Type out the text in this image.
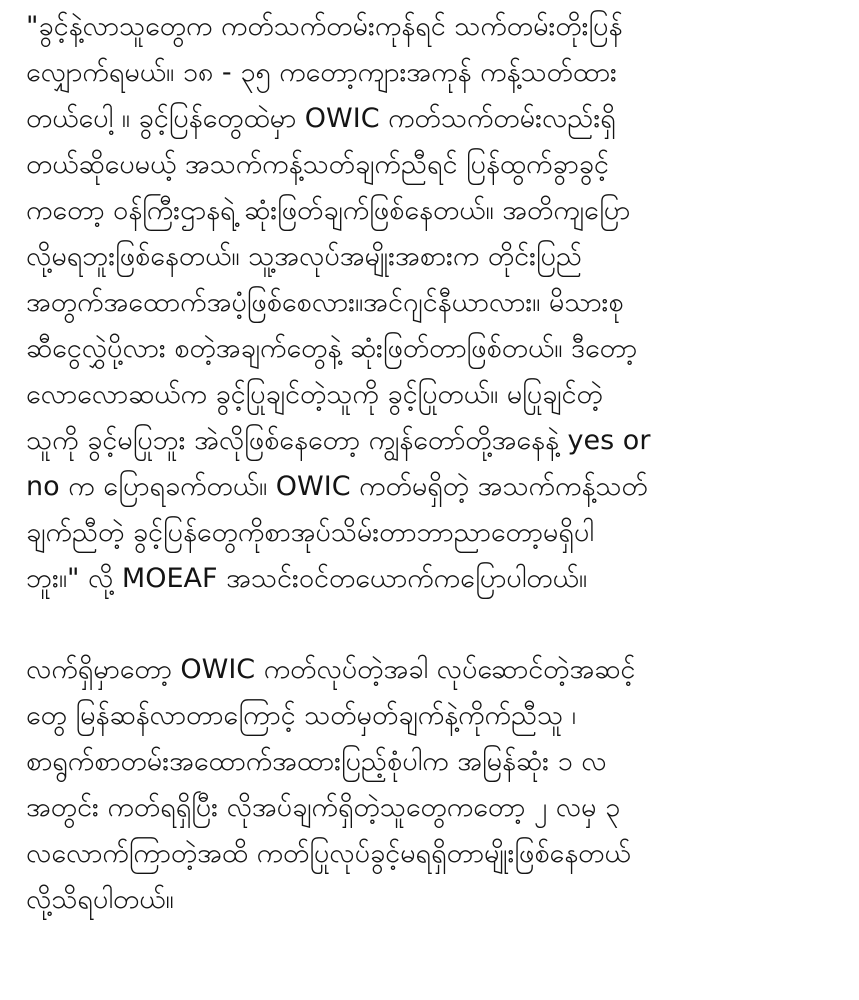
"ခွင့်နဲ့လာသူတွေက ကတ်သက်တမ်းကုန်ရင် သက်တမ်းတိုးပြန်
လျှောက်ရမယ်။ ၁၈ - ၃၅ ကတော့ကျားအကုန် ကန့်သတ်ထား
တယ်ပေါ့ ။ ခွင့်ပြန်တွေထဲမှာ OWIC ကတ်သက်တမ်းလည်းရှိ
တယ်ဆိုပေမယ့် အသက်ကန့်သတ်ချက်ညီရင် ပြန်ထွက်ခွာခွင့်
ကတော့ ဝန်ကြီးဌာနရဲ့ ဆုံးဖြတ်ချက်ဖြစ်နေတယ်။ အတိကျပြော
လို့မရဘူးဖြစ်နေတယ်။ သူ့အလုပ်အမျိုးအစားက တိုင်းပြည်
အတွက်အထောက်အပံ့ဖြစ်စေလား။အင်ဂျင်နီယာလား။ မိသားစု
ဆီငွေလွှဲပို့လား စတဲ့အချက်တွေနဲ့ ဆုံးဖြတ်တာဖြစ်တယ်။ ဒီတော့
လောလောဆယ်က ခွင့်ပြုချင်တဲ့သူကို ခွင့်ပြုတယ်။ မပြုချင်တဲ့
သူကို ခွင့်မပြုဘူး အဲလိုဖြစ်နေတော့ ကျွန်တော်တို့အနေနဲ့ yes or
no က ပြောရခက်တယ်။ OWIC ကတ်မရှိတဲ့ အသက်ကန့်သတ်
ချက်ညီတဲ့ ခွင့်ပြန်တွေကိုစာအုပ်သိမ်းတာဘာညာတော့မရှိပါ
ဘူး။" လို့ MOEAF အသင်းဝင်တယောက်ကပြောပါတယ်။
လက်ရှိမှာတော့ OWIC ကတ်လုပ်တဲ့အခါ လုပ်ဆောင်တဲ့အဆင့်
တွေ မြန်ဆန်လာတာကြောင့် သတ်မှတ်ချက်နဲ့ကိုက်ညီသူ ၊
စာရွက်စာတမ်းအထောက်အထားပြည့်စုံပါက အမြန်ဆုံး ၁ လ
အတွင်း ကတ်ရရှိပြီး လိုအပ်ချက်ရှိတဲ့သူတွေကတော့ ၂ လမှ ၃
လလောက်ကြာတဲ့အထိ ကတ်ပြုလုပ်ခွင့်မရရှိတာမျိုးဖြစ်နေတယ်
လို့သိရပါတယ်။
